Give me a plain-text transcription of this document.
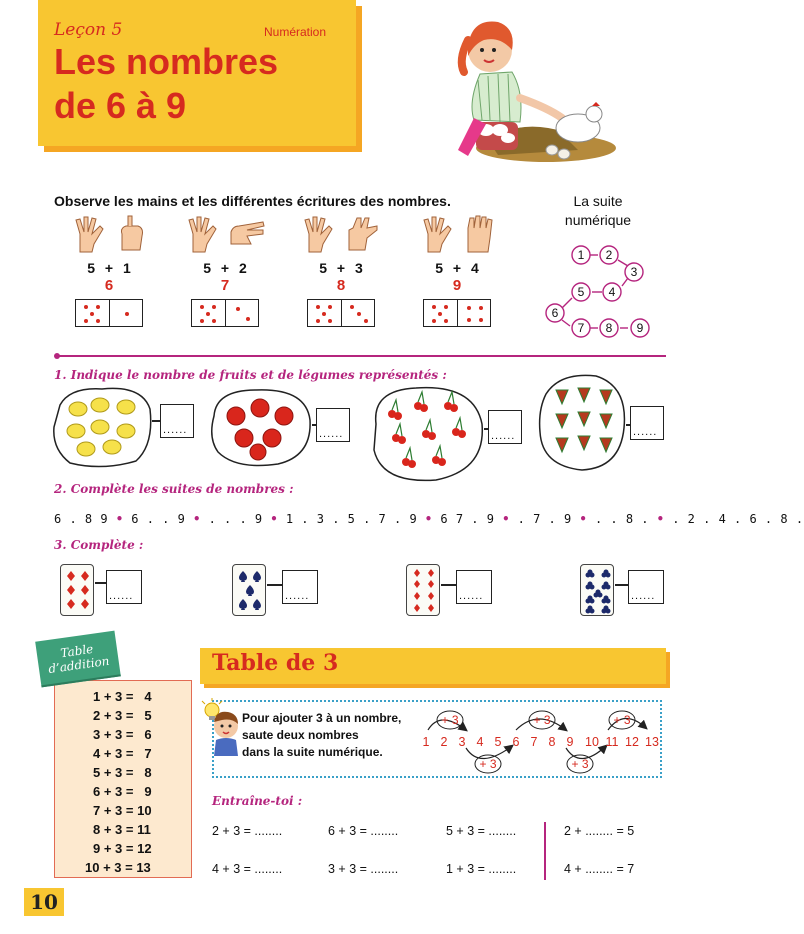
Leçon 5	Numération
Les nombres
de 6 à 9
Observe les mains et les différentes écritures des nombres.
5 + 1
6
5 + 2
7
5 + 3
8
5 + 4
9
La suite numérique
1 2
3
4
5
6
7 8 9
1. Indique le nombre de fruits et de légumes représentés :
......	......	......	......
2. Complète les suites de nombres :
6 . 8 9 • 6 . . 9 • . . . 9 • 1 . 3 . 5 . 7 . 9 • 6 7 . 9 • . 7 . 9 • . . 8 . • . 2 . 4 . 6 . 8 .
3. Complète :
......	......	......	......
1 + 3 =   4
2 + 3 =   5
3 + 3 =   6
4 + 3 =   7
5 + 3 =   8
6 + 3 =   9
7 + 3 = 10
8 + 3 = 11
9 + 3 = 12
10 + 3 = 13
Table d’addition	Table de 3
Pour ajouter 3 à un nombre,
saute deux nombres
dans la suite numérique.
+ 3
+ 3
+ 3
+ 3
+ 3
1 2 3 4 5 6 7 8 9 10 11 12 13
Entraîne-toi :
2 + 3 = ........	6 + 3 = ........	5 + 3 = ........	2 + ........ = 5
4 + 3 = ........	3 + 3 = ........	1 + 3 = ........	4 + ........ = 7
10
